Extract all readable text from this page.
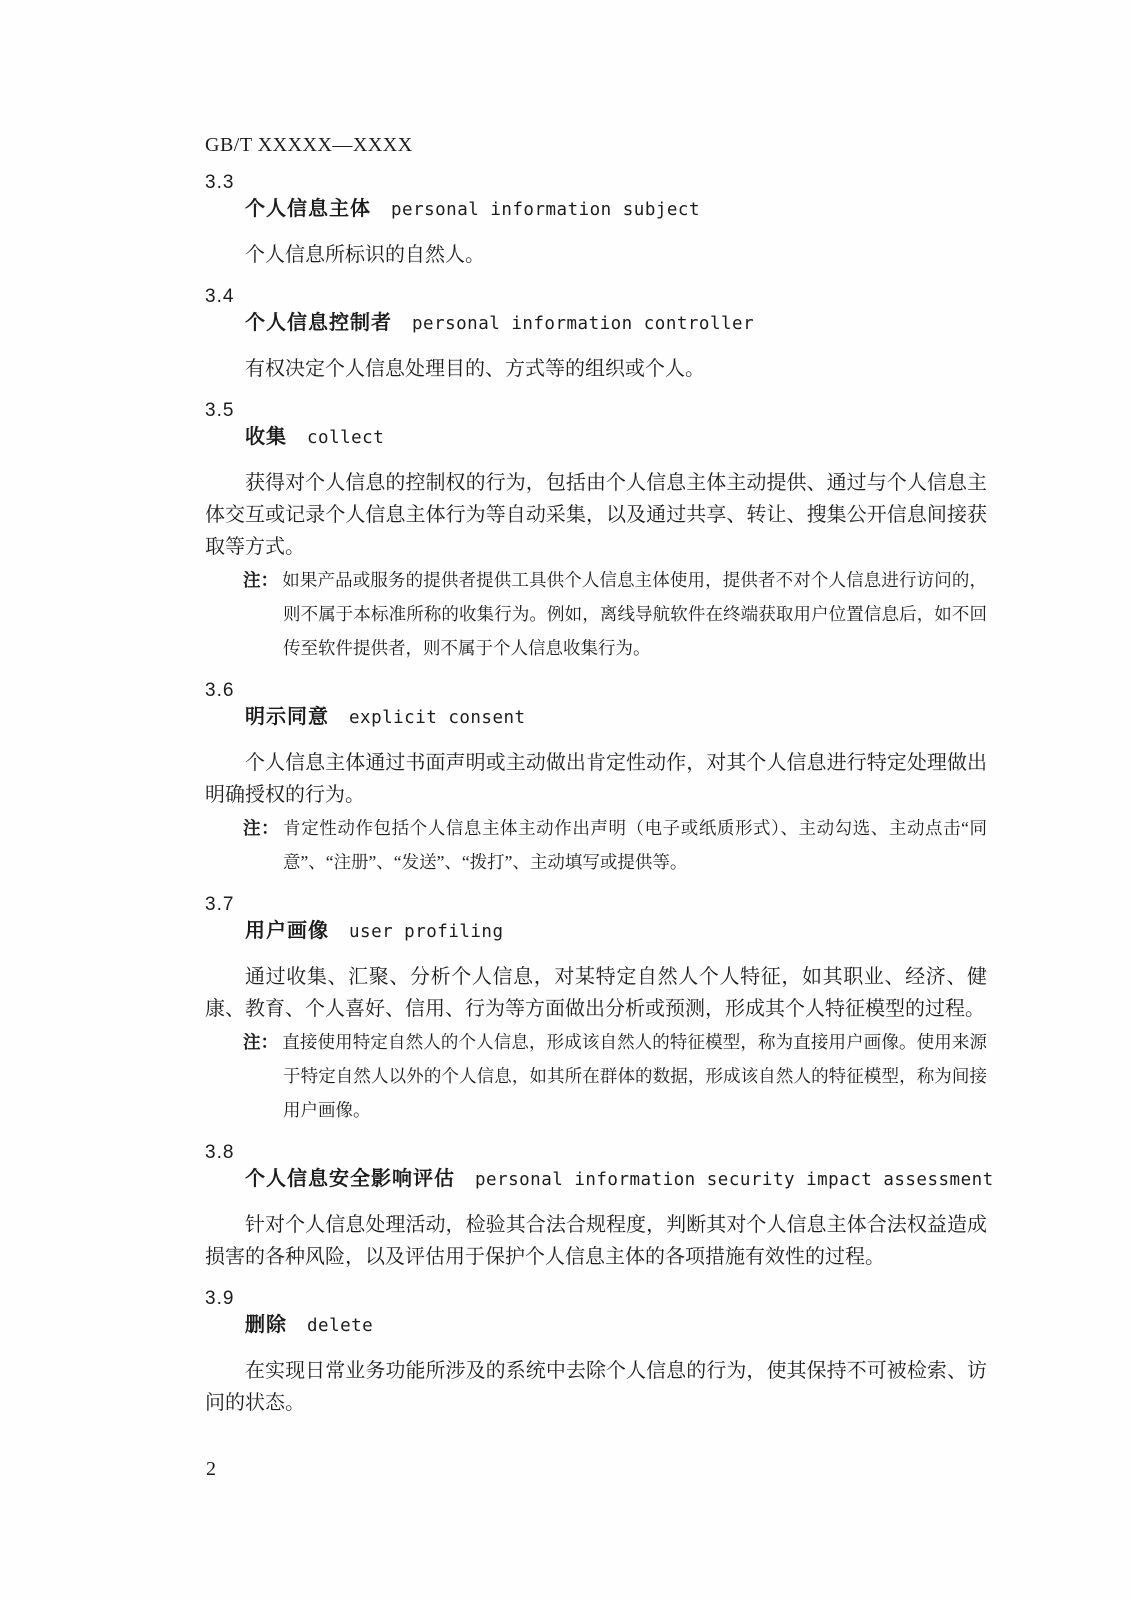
GB/T XXXXX—XXXX
3.3
个人信息主体 personal information subject

个人信息所标识的自然人。

3.4
个人信息控制者 personal information controller

有权决定个人信息处理目的、方式等的组织或个人。

3.5
收集 collect

获得对个人信息的控制权的行为，包括由个人信息主体主动提供、通过与个人信息主体交互或记录个人信息主体行为等自动采集，以及通过共享、转让、搜集公开信息间接获取等方式。

注： 如果产品或服务的提供者提供工具供个人信息主体使用，提供者不对个人信息进行访问的，则不属于本标准所称的收集行为。例如，离线导航软件在终端获取用户位置信息后，如不回传至软件提供者，则不属于个人信息收集行为。
3.6
明示同意 explicit consent

个人信息主体通过书面声明或主动做出肯定性动作，对其个人信息进行特定处理做出明确授权的行为。

注： 肯定性动作包括个人信息主体主动作出声明（电子或纸质形式）、主动勾选、主动点击“同意”、“注册”、“发送”、“拨打”、主动填写或提供等。
3.7
用户画像 user profiling

通过收集、汇聚、分析个人信息，对某特定自然人个人特征，如其职业、经济、健康、教育、个人喜好、信用、行为等方面做出分析或预测，形成其个人特征模型的过程。

注： 直接使用特定自然人的个人信息，形成该自然人的特征模型，称为直接用户画像。使用来源于特定自然人以外的个人信息，如其所在群体的数据，形成该自然人的特征模型，称为间接用户画像。
3.8
个人信息安全影响评估 personal information security impact assessment

针对个人信息处理活动，检验其合法合规程度，判断其对个人信息主体合法权益造成损害的各种风险，以及评估用于保护个人信息主体的各项措施有效性的过程。

3.9
删除 delete

在实现日常业务功能所涉及的系统中去除个人信息的行为，使其保持不可被检索、访问的状态。

2
